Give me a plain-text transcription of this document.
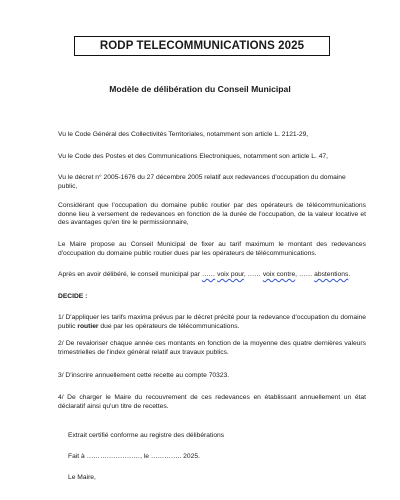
RODP TELECOMMUNICATIONS 2025
Modèle de délibération du Conseil Municipal

Vu le Code Général des Collectivités Territoriales, notamment son article L. 2121-29,

Vu le Code des Postes et des Communications Electroniques, notamment son article L. 47,

Vu le décret n° 2005-1676 du 27 décembre 2005 relatif aux redevances d'occupation du domaine public,

Considérant que l'occupation du domaine public routier par des opérateurs de télécommunications donne lieu à versement de redevances en fonction de la durée de l'occupation, de la valeur locative et des avantages qu'en tire le permissionnaire,

Le Maire propose au Conseil Municipal de fixer au tarif maximum le montant des redevances d'occupation du domaine public routier dues par les opérateurs de télécommunications.

Après en avoir délibéré, le conseil municipal par …… voix pour, …… voix contre, …… abstentions.

DECIDE :

1/ D'appliquer les tarifs maxima prévus par le décret précité pour la redevance d'occupation du domaine public routier due par les opérateurs de télécommunications.

2/ De revaloriser chaque année ces montants en fonction de la moyenne des quatre dernières valeurs trimestrielles de l'index général relatif aux travaux publics.

3/ D'inscrire annuellement cette recette au compte 70323.

4/ De charger le Maire du recouvrement de ces redevances en établissant annuellement un état déclaratif ainsi qu'un titre de recettes.

Extrait certifié conforme au registre des délibérations

Fait à ……………………, le ………….. 2025.

Le Maire,
